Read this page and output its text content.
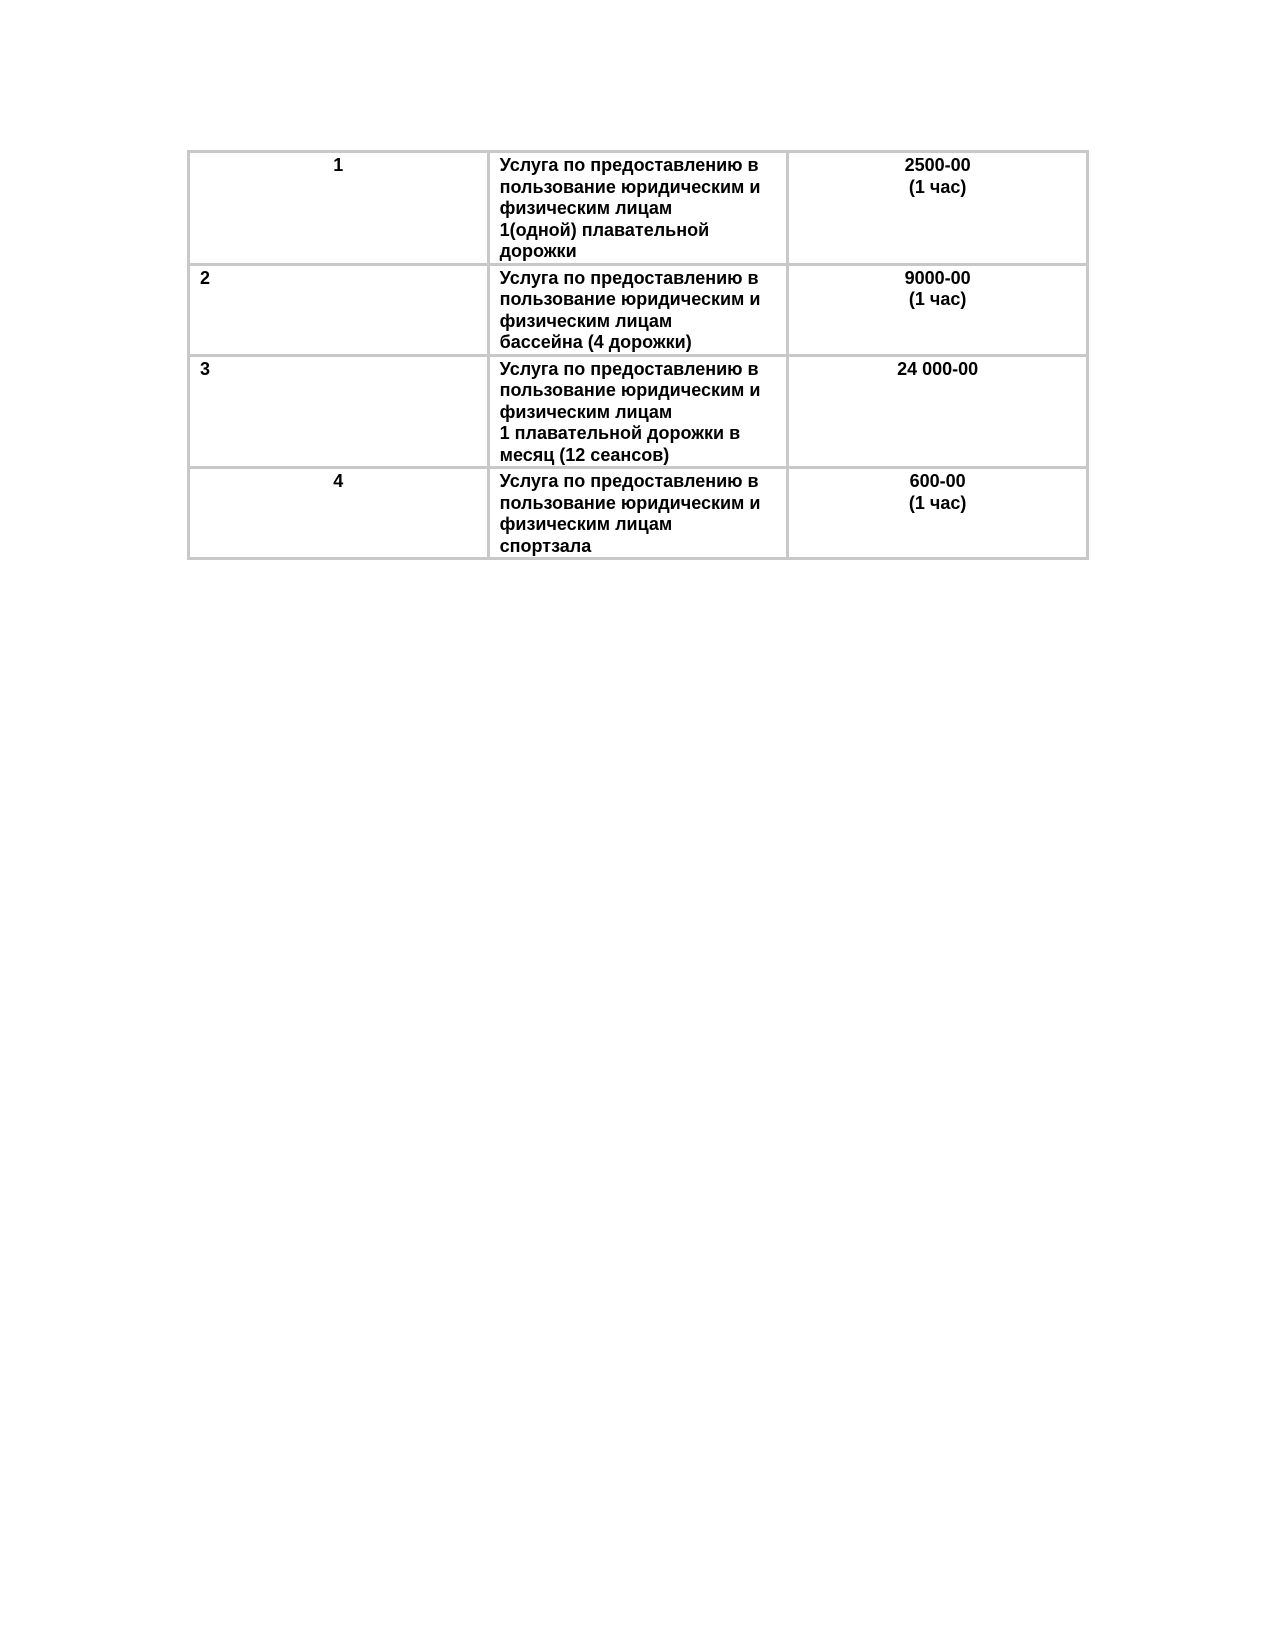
1	Услуга по предоставлению в
пользование юридическим и
физическим лицам
1(одной) плавательной
дорожки	2500-00
(1 час)

2	Услуга по предоставлению в
пользование юридическим и
физическим лицам
бассейна (4 дорожки)	9000-00
(1 час)

3	Услуга по предоставлению в
пользование юридическим и
физическим лицам
1 плавательной дорожки в
месяц (12 сеансов)	24 000-00

4	Услуга по предоставлению в
пользование юридическим и
физическим лицам
спортзала	600-00
(1 час)
